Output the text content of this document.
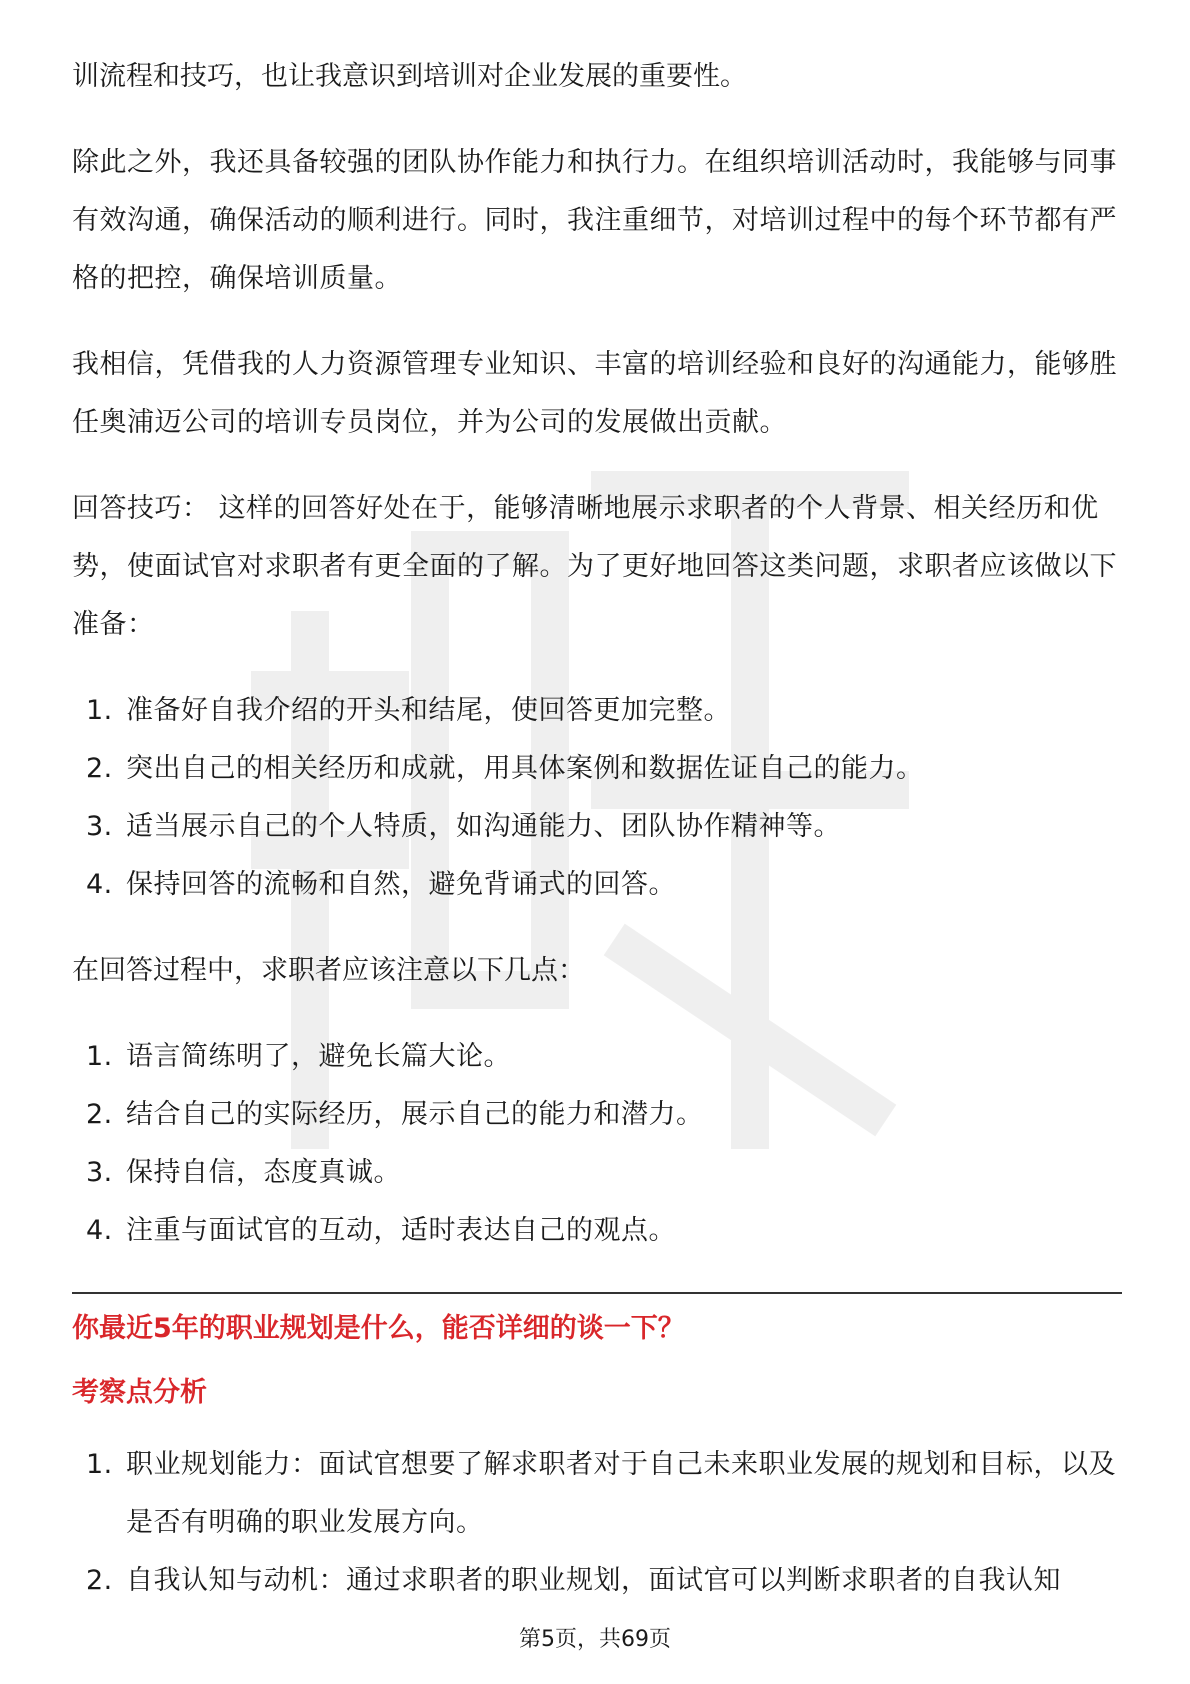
训流程和技巧，也让我意识到培训对企业发展的重要性。

除此之外，我还具备较强的团队协作能力和执行力。在组织培训活动时，我能够与同事有效沟通，确保活动的顺利进行。同时，我注重细节，对培训过程中的每个环节都有严格的把控，确保培训质量。

我相信，凭借我的人力资源管理专业知识、丰富的培训经验和良好的沟通能力，能够胜任奥浦迈公司的培训专员岗位，并为公司的发展做出贡献。

回答技巧： 这样的回答好处在于，能够清晰地展示求职者的个人背景、相关经历和优势，使面试官对求职者有更全面的了解。为了更好地回答这类问题，求职者应该做以下准备：

1. 准备好自我介绍的开头和结尾，使回答更加完整。
2. 突出自己的相关经历和成就，用具体案例和数据佐证自己的能力。
3. 适当展示自己的个人特质，如沟通能力、团队协作精神等。
4. 保持回答的流畅和自然，避免背诵式的回答。

在回答过程中，求职者应该注意以下几点：

1. 语言简练明了，避免长篇大论。
2. 结合自己的实际经历，展示自己的能力和潜力。
3. 保持自信，态度真诚。
4. 注重与面试官的互动，适时表达自己的观点。
你最近5年的职业规划是什么，能否详细的谈一下？
考察点分析
1. 职业规划能力：面试官想要了解求职者对于自己未来职业发展的规划和目标，以及是否有明确的职业发展方向。
2. 自我认知与动机：通过求职者的职业规划，面试官可以判断求职者的自我认知
第5页，共69页
